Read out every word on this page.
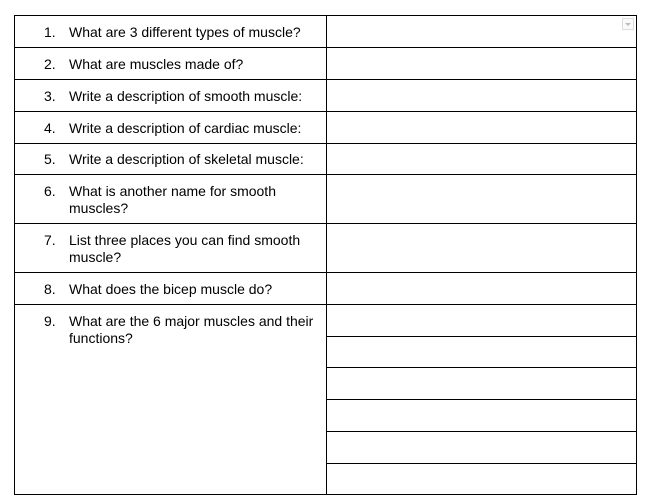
1. What are 3 different types of muscle?
2. What are muscles made of?
3. Write a description of smooth muscle:
4. Write a description of cardiac muscle:
5. Write a description of skeletal muscle:
6. What is another name for smooth muscles?
7. List three places you can find smooth muscle?
8. What does the bicep muscle do?
9. What are the 6 major muscles and their functions?
